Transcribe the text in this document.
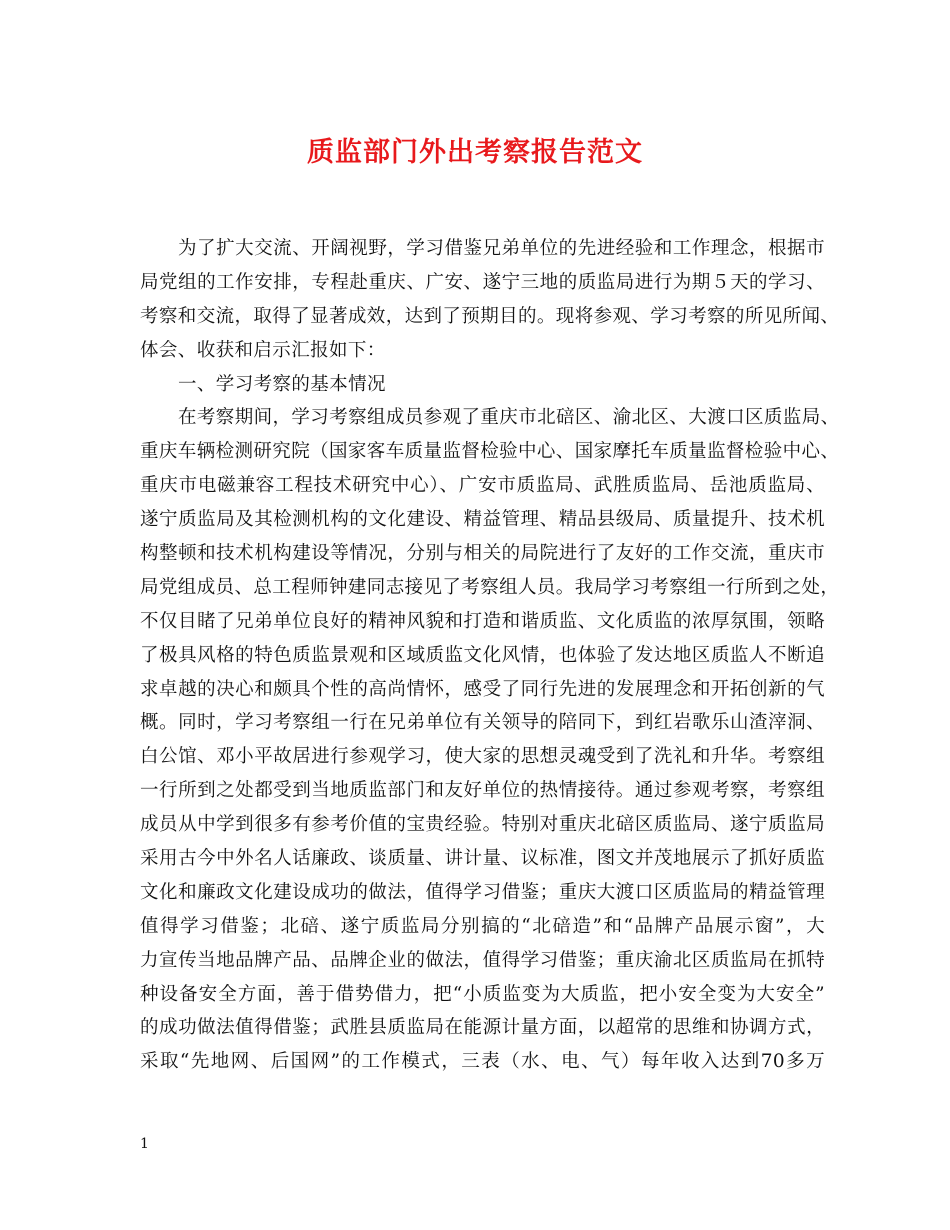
质监部门外出考察报告范文
为了扩大交流、开阔视野，学习借鉴兄弟单位的先进经验和工作理念，根据市
局党组的工作安排，专程赴重庆、广安、遂宁三地的质监局进行为期５天的学习、
考察和交流，取得了显著成效，达到了预期目的。现将参观、学习考察的所见所闻、
体会、收获和启示汇报如下：
一、学习考察的基本情况
在考察期间，学习考察组成员参观了重庆市北碚区、渝北区、大渡口区质监局、
重庆车辆检测研究院（国家客车质量监督检验中心、国家摩托车质量监督检验中心、
重庆市电磁兼容工程技术研究中心）、广安市质监局、武胜质监局、岳池质监局、
遂宁质监局及其检测机构的文化建设、精益管理、精品县级局、质量提升、技术机
构整顿和技术机构建设等情况，分别与相关的局院进行了友好的工作交流，重庆市
局党组成员、总工程师钟建同志接见了考察组人员。我局学习考察组一行所到之处，
不仅目睹了兄弟单位良好的精神风貌和打造和谐质监、文化质监的浓厚氛围，领略
了极具风格的特色质监景观和区域质监文化风情，也体验了发达地区质监人不断追
求卓越的决心和颇具个性的高尚情怀，感受了同行先进的发展理念和开拓创新的气
概。同时，学习考察组一行在兄弟单位有关领导的陪同下，到红岩歌乐山渣滓洞、
白公馆、邓小平故居进行参观学习，使大家的思想灵魂受到了洗礼和升华。考察组
一行所到之处都受到当地质监部门和友好单位的热情接待。通过参观考察，考察组
成员从中学到很多有参考价值的宝贵经验。特别对重庆北碚区质监局、遂宁质监局
采用古今中外名人话廉政、谈质量、讲计量、议标准，图文并茂地展示了抓好质监
文化和廉政文化建设成功的做法，值得学习借鉴；重庆大渡口区质监局的精益管理
值得学习借鉴；北碚、遂宁质监局分别搞的“北碚造”和“品牌产品展示窗”，大
力宣传当地品牌产品、品牌企业的做法，值得学习借鉴；重庆渝北区质监局在抓特
种设备安全方面，善于借势借力，把“小质监变为大质监，把小安全变为大安全”
的成功做法值得借鉴；武胜县质监局在能源计量方面，以超常的思维和协调方式，
采取“先地网、后国网”的工作模式，三表（水、电、气）每年收入达到70多万
1
